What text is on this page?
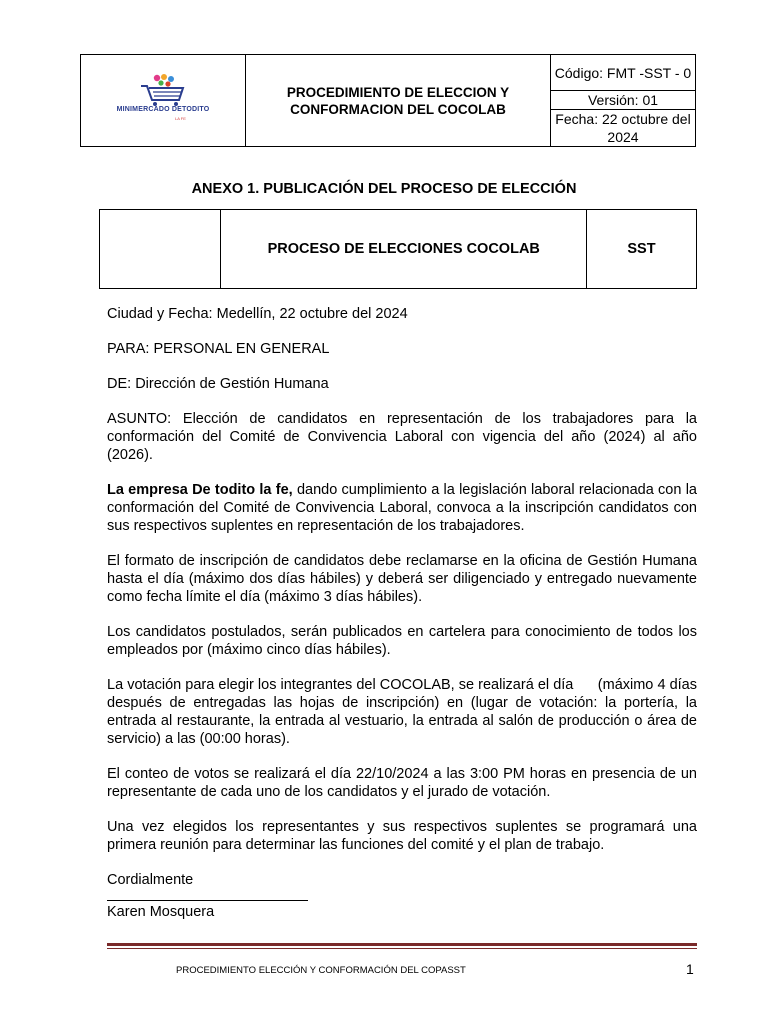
MINIMERCADO DETODITO
LA FE

PROCEDIMIENTO DE ELECCION Y
CONFORMACION DEL COCOLAB
	Código: FMT -SST - 0
Versión: 01
Fecha: 22 octubre del 2024
ANEXO 1. PUBLICACIÓN DEL PROCESO DE ELECCIÓN
	PROCESO DE ELECCIONES COCOLAB	SST

Ciudad y Fecha: Medellín, 22 octubre del 2024

PARA: PERSONAL EN GENERAL

DE: Dirección de Gestión Humana

ASUNTO: Elección de candidatos en representación de los trabajadores para la conformación del Comité de Convivencia Laboral con vigencia del año (2024) al año (2026).

La empresa De todito la fe, dando cumplimiento a la legislación laboral relacionada con la conformación del Comité de Convivencia Laboral, convoca a la inscripción candidatos con sus respectivos suplentes en representación de los trabajadores.

El formato de inscripción de candidatos debe reclamarse en la oficina de Gestión Humana hasta el día (máximo dos días hábiles) y deberá ser diligenciado y entregado nuevamente como fecha límite el día (máximo 3 días hábiles).

Los candidatos postulados, serán publicados en cartelera para conocimiento de todos los empleados por (máximo cinco días hábiles).

La votación para elegir los integrantes del COCOLAB, se realizará el día      (máximo 4 días después de entregadas las hojas de inscripción) en (lugar de votación: la portería, la entrada al restaurante, la entrada al vestuario, la entrada al salón de producción o área de servicio) a las (00:00 horas).

El conteo de votos se realizará el día 22/10/2024 a las 3:00 PM horas en presencia de un representante de cada uno de los candidatos y el jurado de votación.

Una vez elegidos los representantes y sus respectivos suplentes se programará una primera reunión para determinar las funciones del comité y el plan de trabajo.

Cordialmente

Karen Mosquera
PROCEDIMIENTO ELECCIÓN Y CONFORMACIÓN DEL COPASST	1
